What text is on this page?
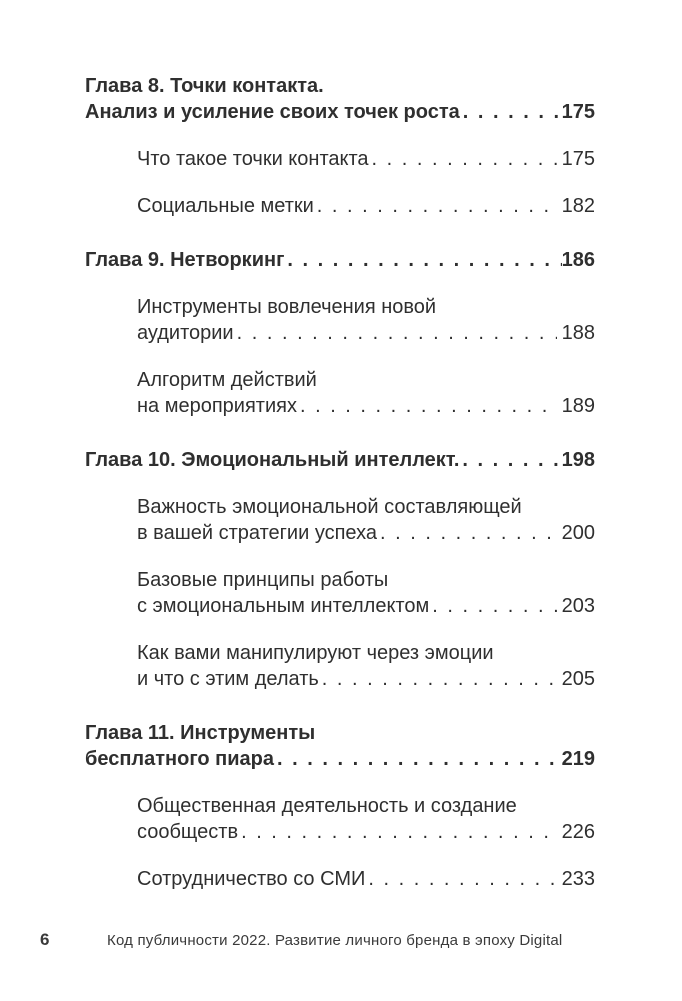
Глава 8. Точки контакта.
Анализ и усиление своих точек роста . . .	175
Что такое точки контакта . . .	175
Социальные метки . . .	182
Глава 9. Нетворкинг . . .	186
Инструменты вовлечения новой
аудитории . . .	188
Алгоритм действий
на мероприятиях . . .	189
Глава 10. Эмоциональный интеллект. . . .	198
Важность эмоциональной составляющей
в вашей стратегии успеха . . .	200
Базовые принципы работы
с эмоциональным интеллектом . . .	203
Как вами манипулируют через эмоции
и что с этим делать . . .	205
Глава 11. Инструменты
бесплатного пиара . . .	219
Общественная деятельность и создание
сообществ . . .	226
Сотрудничество со СМИ . . .	233
6	Код публичности 2022. Развитие личного бренда в эпоху Digital
